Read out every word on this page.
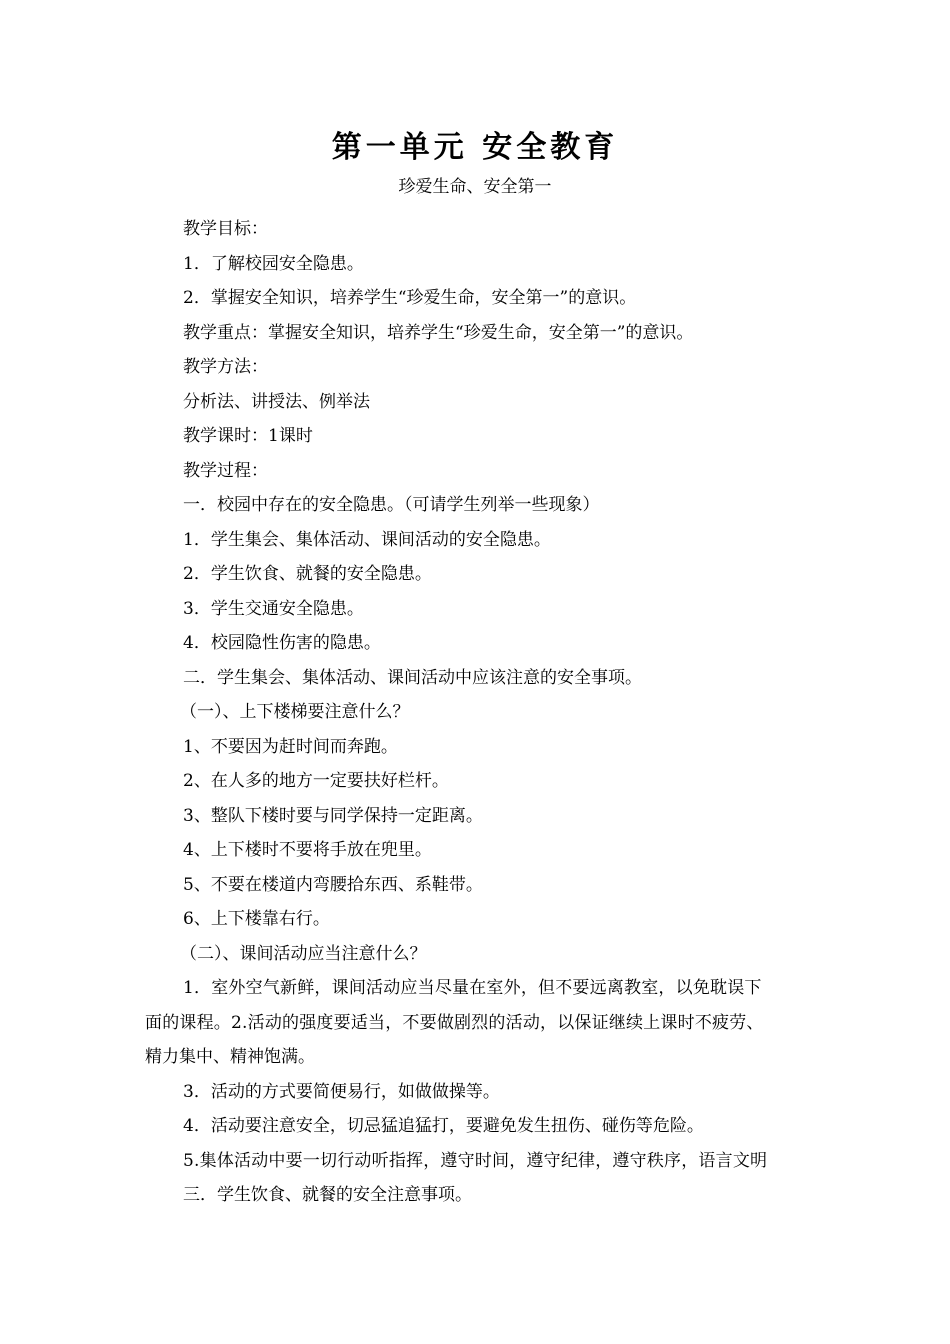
第一单元 安全教育
珍爱生命、安全第一
教学目标：
1．了解校园安全隐患。
2．掌握安全知识，培养学生“珍爱生命，安全第一”的意识。
教学重点：掌握安全知识，培养学生“珍爱生命，安全第一”的意识。
教学方法：
分析法、讲授法、例举法
教学课时：1课时
教学过程：
一．校园中存在的安全隐患。（可请学生列举一些现象）
1．学生集会、集体活动、课间活动的安全隐患。
2．学生饮食、就餐的安全隐患。
3．学生交通安全隐患。
4．校园隐性伤害的隐患。
二．学生集会、集体活动、课间活动中应该注意的安全事项。
（一）、上下楼梯要注意什么？
1、不要因为赶时间而奔跑。
2、在人多的地方一定要扶好栏杆。
3、整队下楼时要与同学保持一定距离。
4、上下楼时不要将手放在兜里。
5、不要在楼道内弯腰拾东西、系鞋带。
6、上下楼靠右行。
（二）、课间活动应当注意什么？
1．室外空气新鲜，课间活动应当尽量在室外，但不要远离教室，以免耽误下
面的课程。2.活动的强度要适当，不要做剧烈的活动，以保证继续上课时不疲劳、
精力集中、精神饱满。
3．活动的方式要简便易行，如做做操等。
4．活动要注意安全，切忌猛追猛打，要避免发生扭伤、碰伤等危险。
5.集体活动中要一切行动听指挥，遵守时间，遵守纪律，遵守秩序，语言文明
三．学生饮食、就餐的安全注意事项。
